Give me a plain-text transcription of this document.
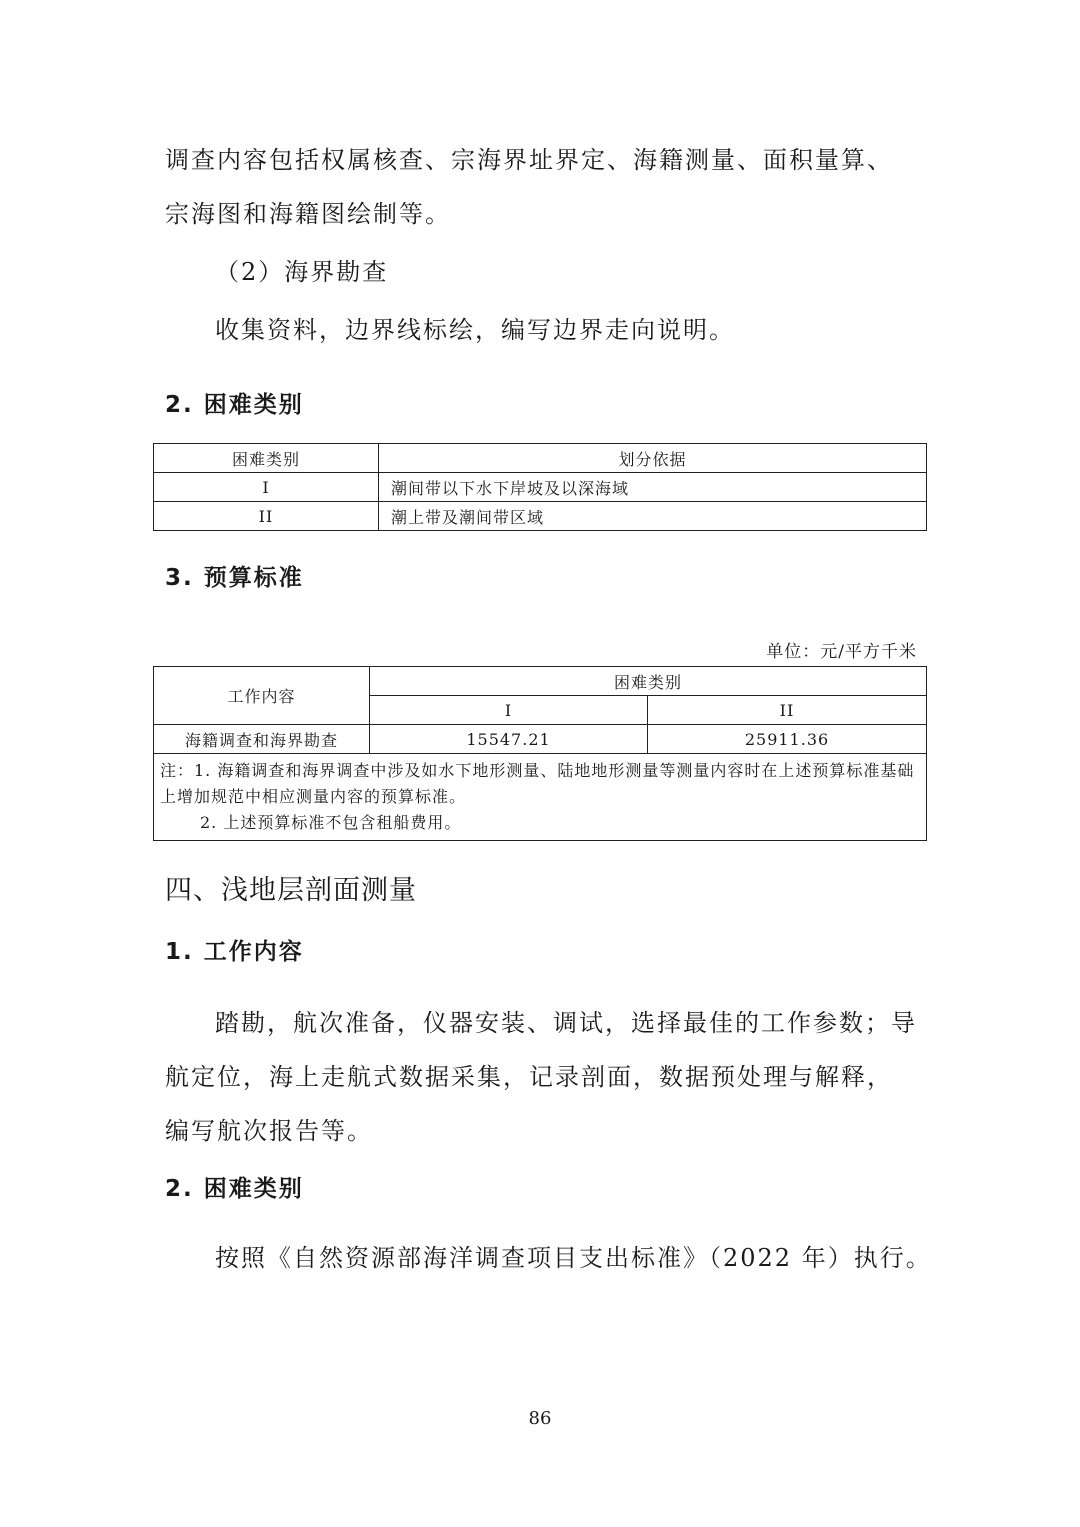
调查内容包括权属核查、宗海界址界定、海籍测量、面积量算、宗海图和海籍图绘制等。
（2）海界勘查
收集资料，边界线标绘，编写边界走向说明。
2. 困难类别
困难类别	划分依据
I	潮间带以下水下岸坡及以深海域
II	潮上带及潮间带区域
3. 预算标准
单位：元/平方千米
工作内容	困难类别	
	I	II
海籍调查和海界勘查	15547.21	25911.36

注：1. 海籍调查和海界调查中涉及如水下地形测量、陆地地形测量等测量内容时在上述预算标准基础上增加规范中相应测量内容的预算标准。
2. 上述预算标准不包含租船费用。		
四、浅地层剖面测量
1. 工作内容
踏勘，航次准备，仪器安装、调试，选择最佳的工作参数；导航定位，海上走航式数据采集，记录剖面，数据预处理与解释，编写航次报告等。
2. 困难类别
按照《自然资源部海洋调查项目支出标准》（2022 年）执行。
86
